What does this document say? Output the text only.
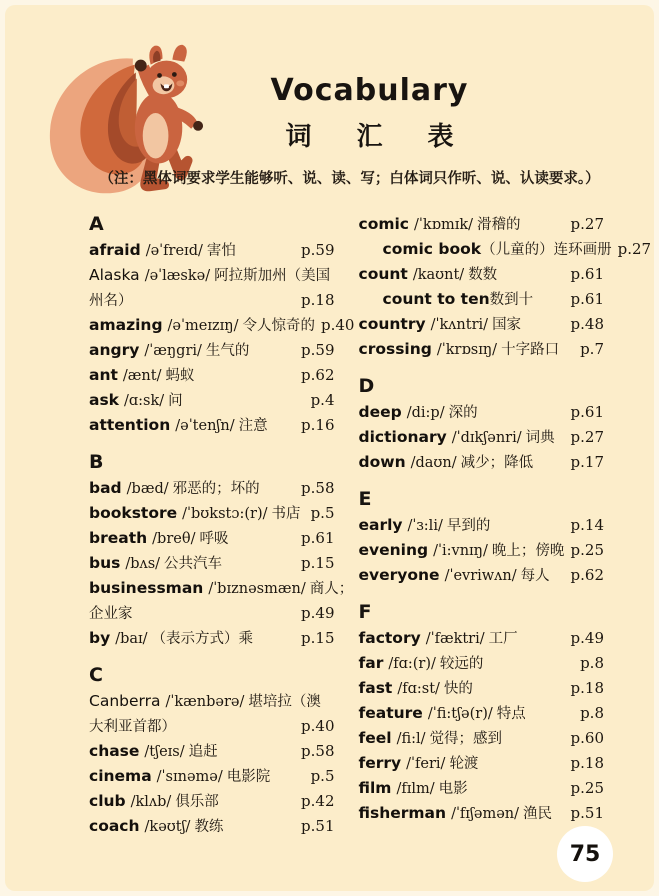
Vocabulary
词 汇 表
（注：黑体词要求学生能够听、说、读、写；白体词只作听、说、认读要求。）
A
afraid /əˈfreɪd/ 害怕	p.59
Alaska /əˈlæskə/ 阿拉斯加州（美国
州名）	p.18
amazing /əˈmeɪzɪŋ/ 令人惊奇的 p.40
angry /ˈæŋgri/ 生气的	p.59
ant /ænt/ 蚂蚁	p.62
ask /ɑ:sk/ 问	p.4
attention /əˈtenʃn/ 注意 p.16
B
bad /bæd/ 邪恶的；坏的	p.58
bookstore /ˈbʊkstɔ:(r)/ 书店 p.5
breath /breθ/ 呼吸	p.61
bus /bʌs/ 公共汽车	p.15
businessman /ˈbɪznəsmæn/ 商人；
企业家	p.49
by /baɪ/ （表示方式）乘	p.15
C
Canberra /ˈkænbərə/ 堪培拉（澳
大利亚首都）	p.40
chase /tʃeɪs/ 追赶	p.58
cinema /ˈsɪnəmə/ 电影院	p.5
club /klʌb/ 俱乐部	p.42
coach /kəʊtʃ/ 教练	p.51
comic /ˈkɒmɪk/ 滑稽的	p.27
comic book（儿童的）连环画册 p.27
count /kaʊnt/ 数数	p.61
count to ten数到十 p.61
country /ˈkʌntri/ 国家	p.48
crossing /ˈkrɒsɪŋ/ 十字路口 p.7
D
deep /di:p/ 深的	p.61
dictionary /ˈdɪkʃənri/ 词典 p.27
down /daʊn/ 减少；降低 p.17
E
early /ˈɜ:li/ 早到的	p.14
evening /ˈi:vnɪŋ/ 晚上；傍晚 p.25
everyone /ˈevriwʌn/ 每人 p.62
F
factory /ˈfæktri/ 工厂	p.49
far /fɑ:(r)/ 较远的	p.8
fast /fɑ:st/ 快的	p.18
feature /ˈfi:tʃə(r)/ 特点	p.8
feel /fi:l/ 觉得；感到	p.60
ferry /ˈferi/ 轮渡	p.18
film /fɪlm/ 电影	p.25
fisherman /ˈfɪʃəmən/ 渔民 p.51
75
